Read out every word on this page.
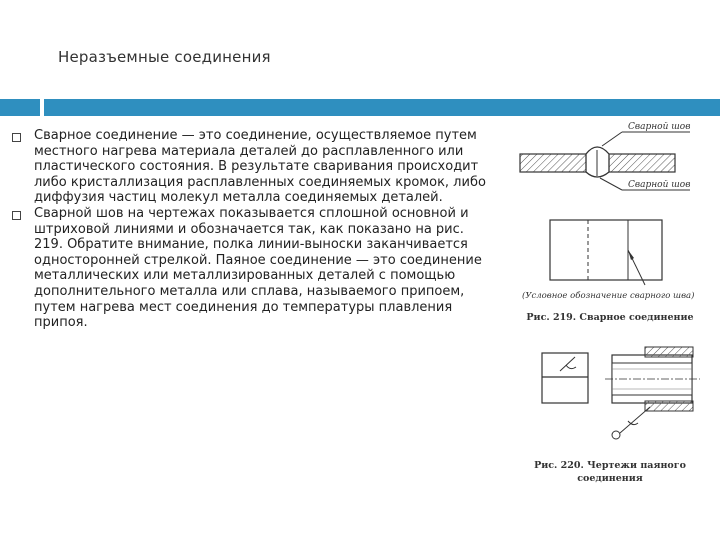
Неразъемные соединения
Сварное соединение — это соединение, осуществляемое путем местного нагрева материала деталей до расплавленного или пластического состояния. В результате сваривания происходит либо кристаллизация расплавленных соединяемых кромок, либо диффузия частиц молекул металла соединяемых деталей.
Сварной шов на чертежах показывается сплошной основной и штриховой линиями и обозначается так, как показано на рис. 219. Обратите внимание, полка линии-выноски заканчивается односторонней стрелкой. Паяное соединение — это соединение металлических или металлизированных деталей с помощью дополнительного металла или сплава, называемого припоем, путем нагрева мест соединения до температуры плавления припоя.
Сварной шов
Сварной шов
(Условное обозначение сварного шва)
Рис. 219. Сварное соединение
Рис. 220. Чертежи паяного
соединения
